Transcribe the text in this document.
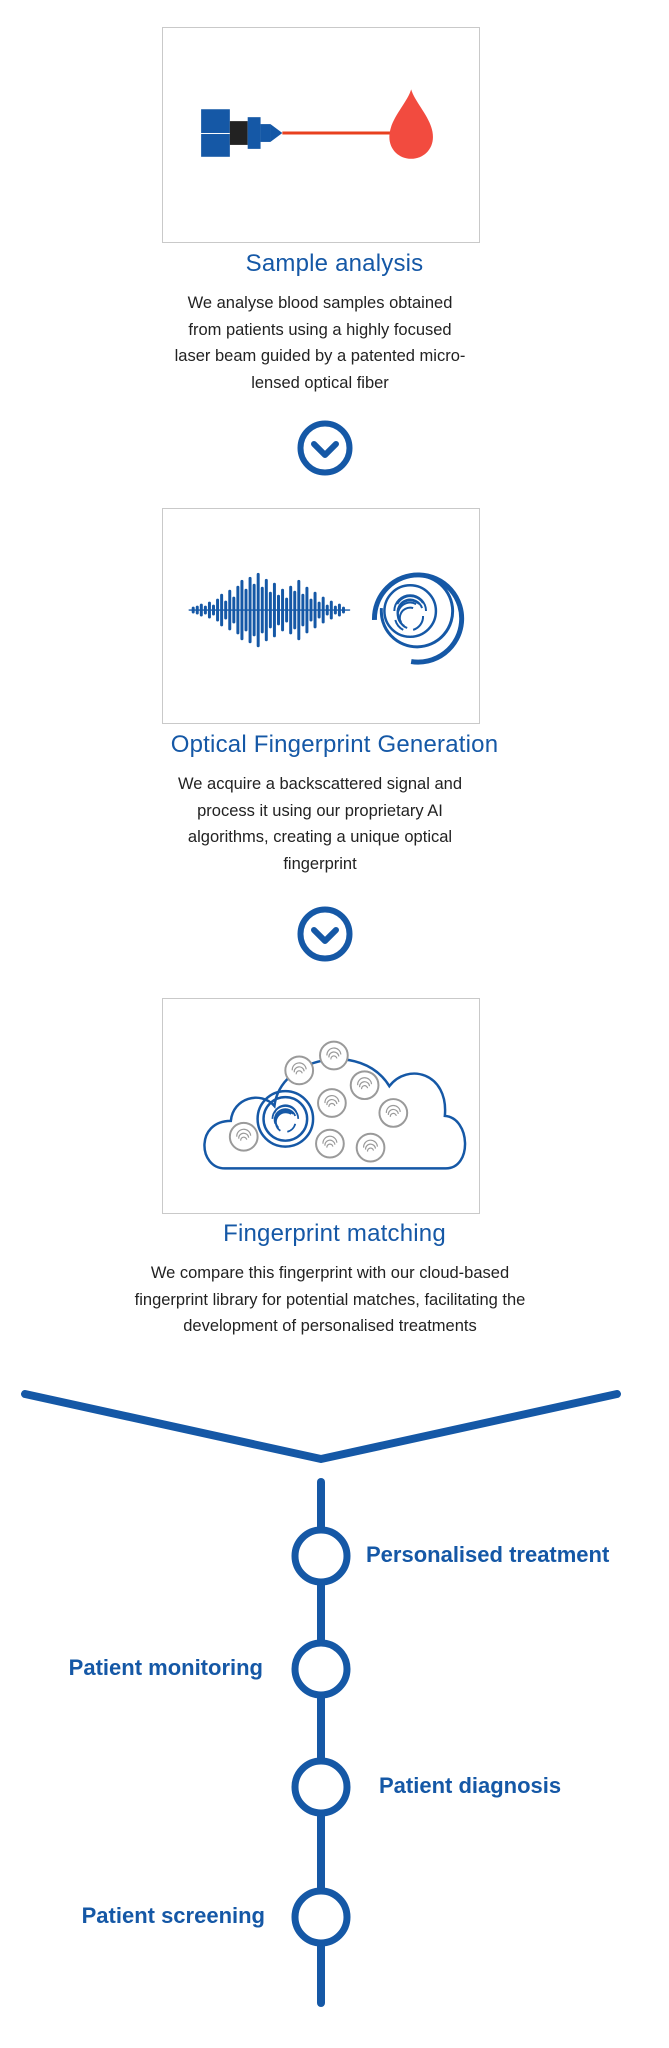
Sample analysis

We analyse blood samples obtained from patients using a highly focused laser beam guided by a patented micro-lensed optical fiber

Optical Fingerprint Generation

We acquire a backscattered signal and process it using our proprietary AI algorithms, creating a unique optical fingerprint

Fingerprint matching

We compare this fingerprint with our cloud-based fingerprint library for potential matches, facilitating the development of personalised treatments

Personalised treatment

Patient monitoring

Patient diagnosis

Patient screening
